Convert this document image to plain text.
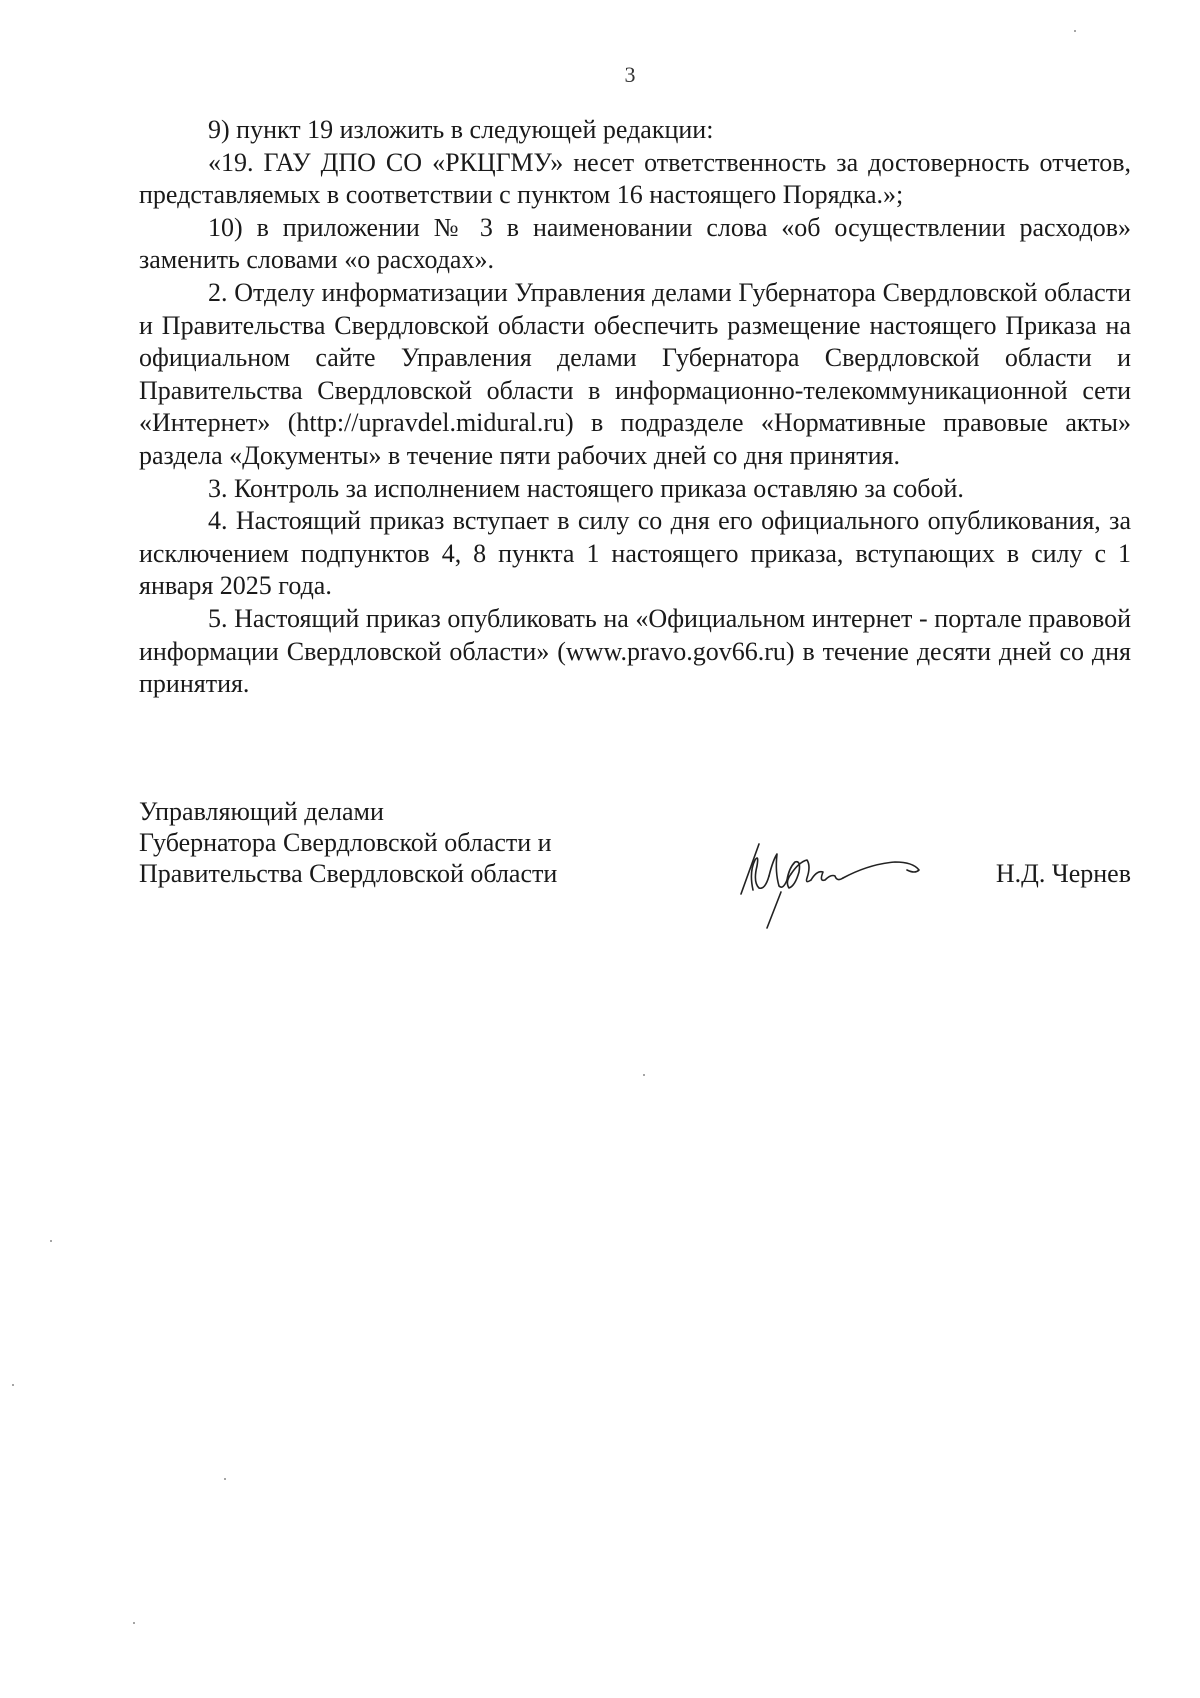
3

9) пункт 19 изложить в следующей редакции:

«19. ГАУ ДПО СО «РКЦГМУ» несет ответственность за достоверность отчетов, представляемых в соответствии с пунктом 16 настоящего Порядка.»;

10) в приложении № 3 в наименовании слова «об осуществлении расходов» заменить словами «о расходах».

2. Отделу информатизации Управления делами Губернатора Свердловской области и Правительства Свердловской области обеспечить размещение настоящего Приказа на официальном сайте Управления делами Губернатора Свердловской области и Правительства Свердловской области в информационно-телекоммуникационной сети «Интернет» (http://upravdel.midural.ru) в подразделе «Нормативные правовые акты» раздела «Документы» в течение пяти рабочих дней со дня принятия.

3. Контроль за исполнением настоящего приказа оставляю за собой.

4. Настоящий приказ вступает в силу со дня его официального опубликования, за исключением подпунктов 4, 8 пункта 1 настоящего приказа, вступающих в силу с 1 января 2025 года.

5. Настоящий приказ опубликовать на «Официальном интернет - портале правовой информации Свердловской области» (www.pravo.gov66.ru) в течение десяти дней со дня принятия.

Управляющий делами
Губернатора Свердловской области и
Правительства Свердловской области	Н.Д. Чернев
